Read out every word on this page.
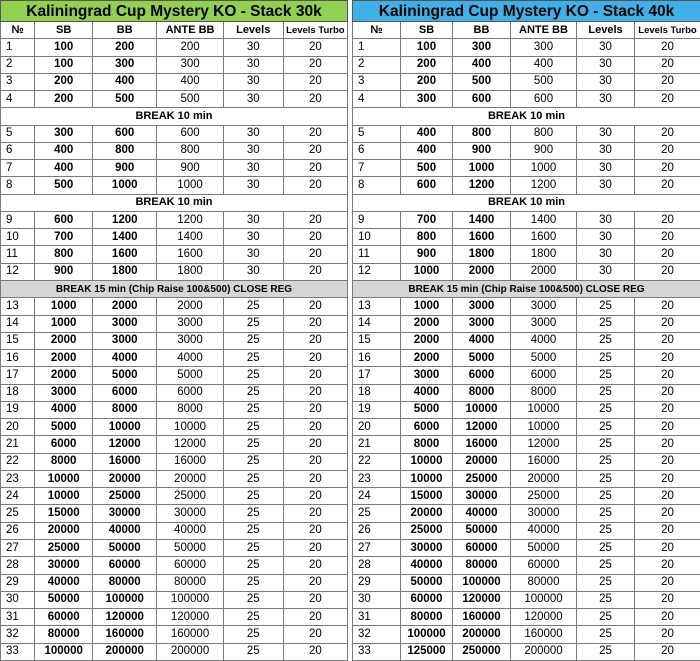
Kaliningrad Cup Mystery KO - Stack 30k					
№	SB	BB	ANTE BB	Levels	Levels Turbo
1	100	200	200	30	20
2	100	300	300	30	20
3	200	400	400	30	20
4	200	500	500	30	20
BREAK 10 min					
5	300	600	600	30	20
6	400	800	800	30	20
7	400	900	900	30	20
8	500	1000	1000	30	20
BREAK 10 min					
9	600	1200	1200	30	20
10	700	1400	1400	30	20
11	800	1600	1600	30	20
12	900	1800	1800	30	20
BREAK 15 min (Chip Raise 100&500) CLOSE REG					
13	1000	2000	2000	25	20
14	1000	3000	3000	25	20
15	2000	3000	3000	25	20
16	2000	4000	4000	25	20
17	2000	5000	5000	25	20
18	3000	6000	6000	25	20
19	4000	8000	8000	25	20
20	5000	10000	10000	25	20
21	6000	12000	12000	25	20
22	8000	16000	16000	25	20
23	10000	20000	20000	25	20
24	10000	25000	25000	25	20
25	15000	30000	30000	25	20
26	20000	40000	40000	25	20
27	25000	50000	50000	25	20
28	30000	60000	60000	25	20
29	40000	80000	80000	25	20
30	50000	100000	100000	25	20
31	60000	120000	120000	25	20
32	80000	160000	160000	25	20
33	100000	200000	200000	25	20
Kaliningrad Cup Mystery KO - Stack 40k					
№	SB	BB	ANTE BB	Levels	Levels Turbo
1	100	300	300	30	20
2	200	400	400	30	20
3	200	500	500	30	20
4	300	600	600	30	20
BREAK 10 min					
5	400	800	800	30	20
6	400	900	900	30	20
7	500	1000	1000	30	20
8	600	1200	1200	30	20
BREAK 10 min					
9	700	1400	1400	30	20
10	800	1600	1600	30	20
11	900	1800	1800	30	20
12	1000	2000	2000	30	20
BREAK 15 min (Chip Raise 100&500) CLOSE REG					
13	1000	3000	3000	25	20
14	2000	3000	3000	25	20
15	2000	4000	4000	25	20
16	2000	5000	5000	25	20
17	3000	6000	6000	25	20
18	4000	8000	8000	25	20
19	5000	10000	10000	25	20
20	6000	12000	10000	25	20
21	8000	16000	12000	25	20
22	10000	20000	16000	25	20
23	10000	25000	20000	25	20
24	15000	30000	25000	25	20
25	20000	40000	30000	25	20
26	25000	50000	40000	25	20
27	30000	60000	50000	25	20
28	40000	80000	60000	25	20
29	50000	100000	80000	25	20
30	60000	120000	100000	25	20
31	80000	160000	120000	25	20
32	100000	200000	160000	25	20
33	125000	250000	200000	25	20
